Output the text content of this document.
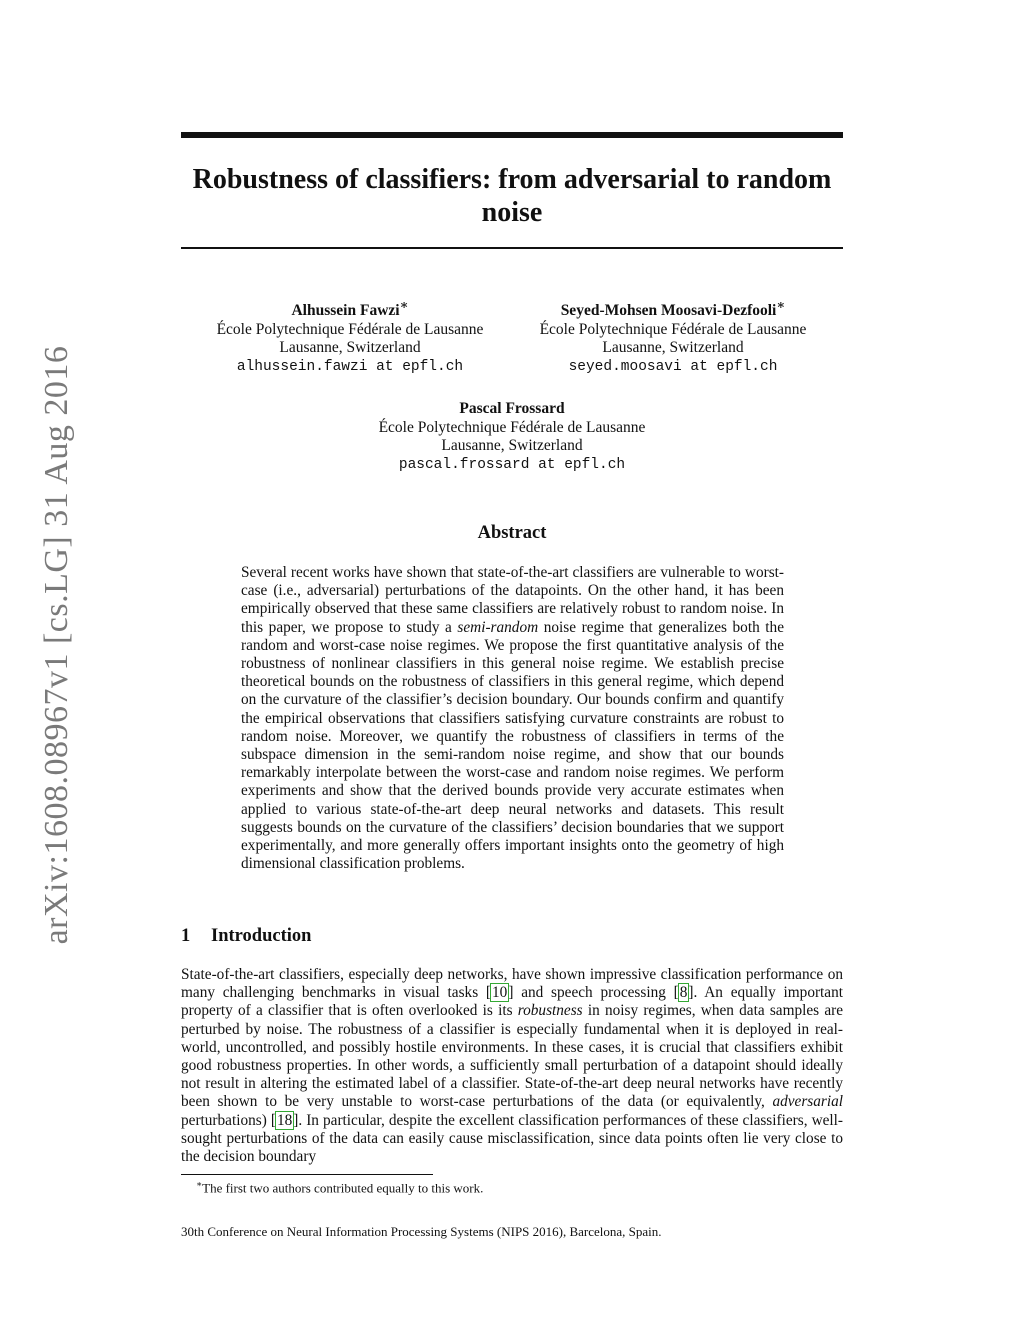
arXiv:1608.08967v1 [cs.LG] 31 Aug 2016
Robustness of classifiers: from adversarial to random noise
Alhussein Fawzi∗
École Polytechnique Fédérale de Lausanne
Lausanne, Switzerland
alhussein.fawzi at epfl.ch
Seyed-Mohsen Moosavi-Dezfooli∗
École Polytechnique Fédérale de Lausanne
Lausanne, Switzerland
seyed.moosavi at epfl.ch
Pascal Frossard
École Polytechnique Fédérale de Lausanne
Lausanne, Switzerland
pascal.frossard at epfl.ch
Abstract
Several recent works have shown that state-of-the-art classifiers are vulnerable to worst-case (i.e., adversarial) perturbations of the datapoints. On the other hand, it has been empirically observed that these same classifiers are relatively robust to random noise. In this paper, we propose to study a semi-random noise regime that generalizes both the random and worst-case noise regimes. We propose the first quantitative analysis of the robustness of nonlinear classifiers in this general noise regime. We establish precise theoretical bounds on the robustness of classifiers in this general regime, which depend on the curvature of the classifier’s decision boundary. Our bounds confirm and quantify the empirical observations that classifiers satisfying curvature constraints are robust to random noise. Moreover, we quantify the robustness of classifiers in terms of the subspace dimension in the semi-random noise regime, and show that our bounds remarkably interpolate between the worst-case and random noise regimes. We perform experiments and show that the derived bounds provide very accurate estimates when applied to various state-of-the-art deep neural networks and datasets. This result suggests bounds on the curvature of the classifiers’ decision boundaries that we support experimentally, and more generally offers important insights onto the geometry of high dimensional classification problems.
1 Introduction
State-of-the-art classifiers, especially deep networks, have shown impressive classification performance on many challenging benchmarks in visual tasks [10] and speech processing [8]. An equally important property of a classifier that is often overlooked is its robustness in noisy regimes, when data samples are perturbed by noise. The robustness of a classifier is especially fundamental when it is deployed in real-world, uncontrolled, and possibly hostile environments. In these cases, it is crucial that classifiers exhibit good robustness properties. In other words, a sufficiently small perturbation of a datapoint should ideally not result in altering the estimated label of a classifier. State-of-the-art deep neural networks have recently been shown to be very unstable to worst-case perturbations of the data (or equivalently, adversarial perturbations) [18]. In particular, despite the excellent classification performances of these classifiers, well-sought perturbations of the data can easily cause misclassification, since data points often lie very close to the decision boundary
∗The first two authors contributed equally to this work.
30th Conference on Neural Information Processing Systems (NIPS 2016), Barcelona, Spain.
